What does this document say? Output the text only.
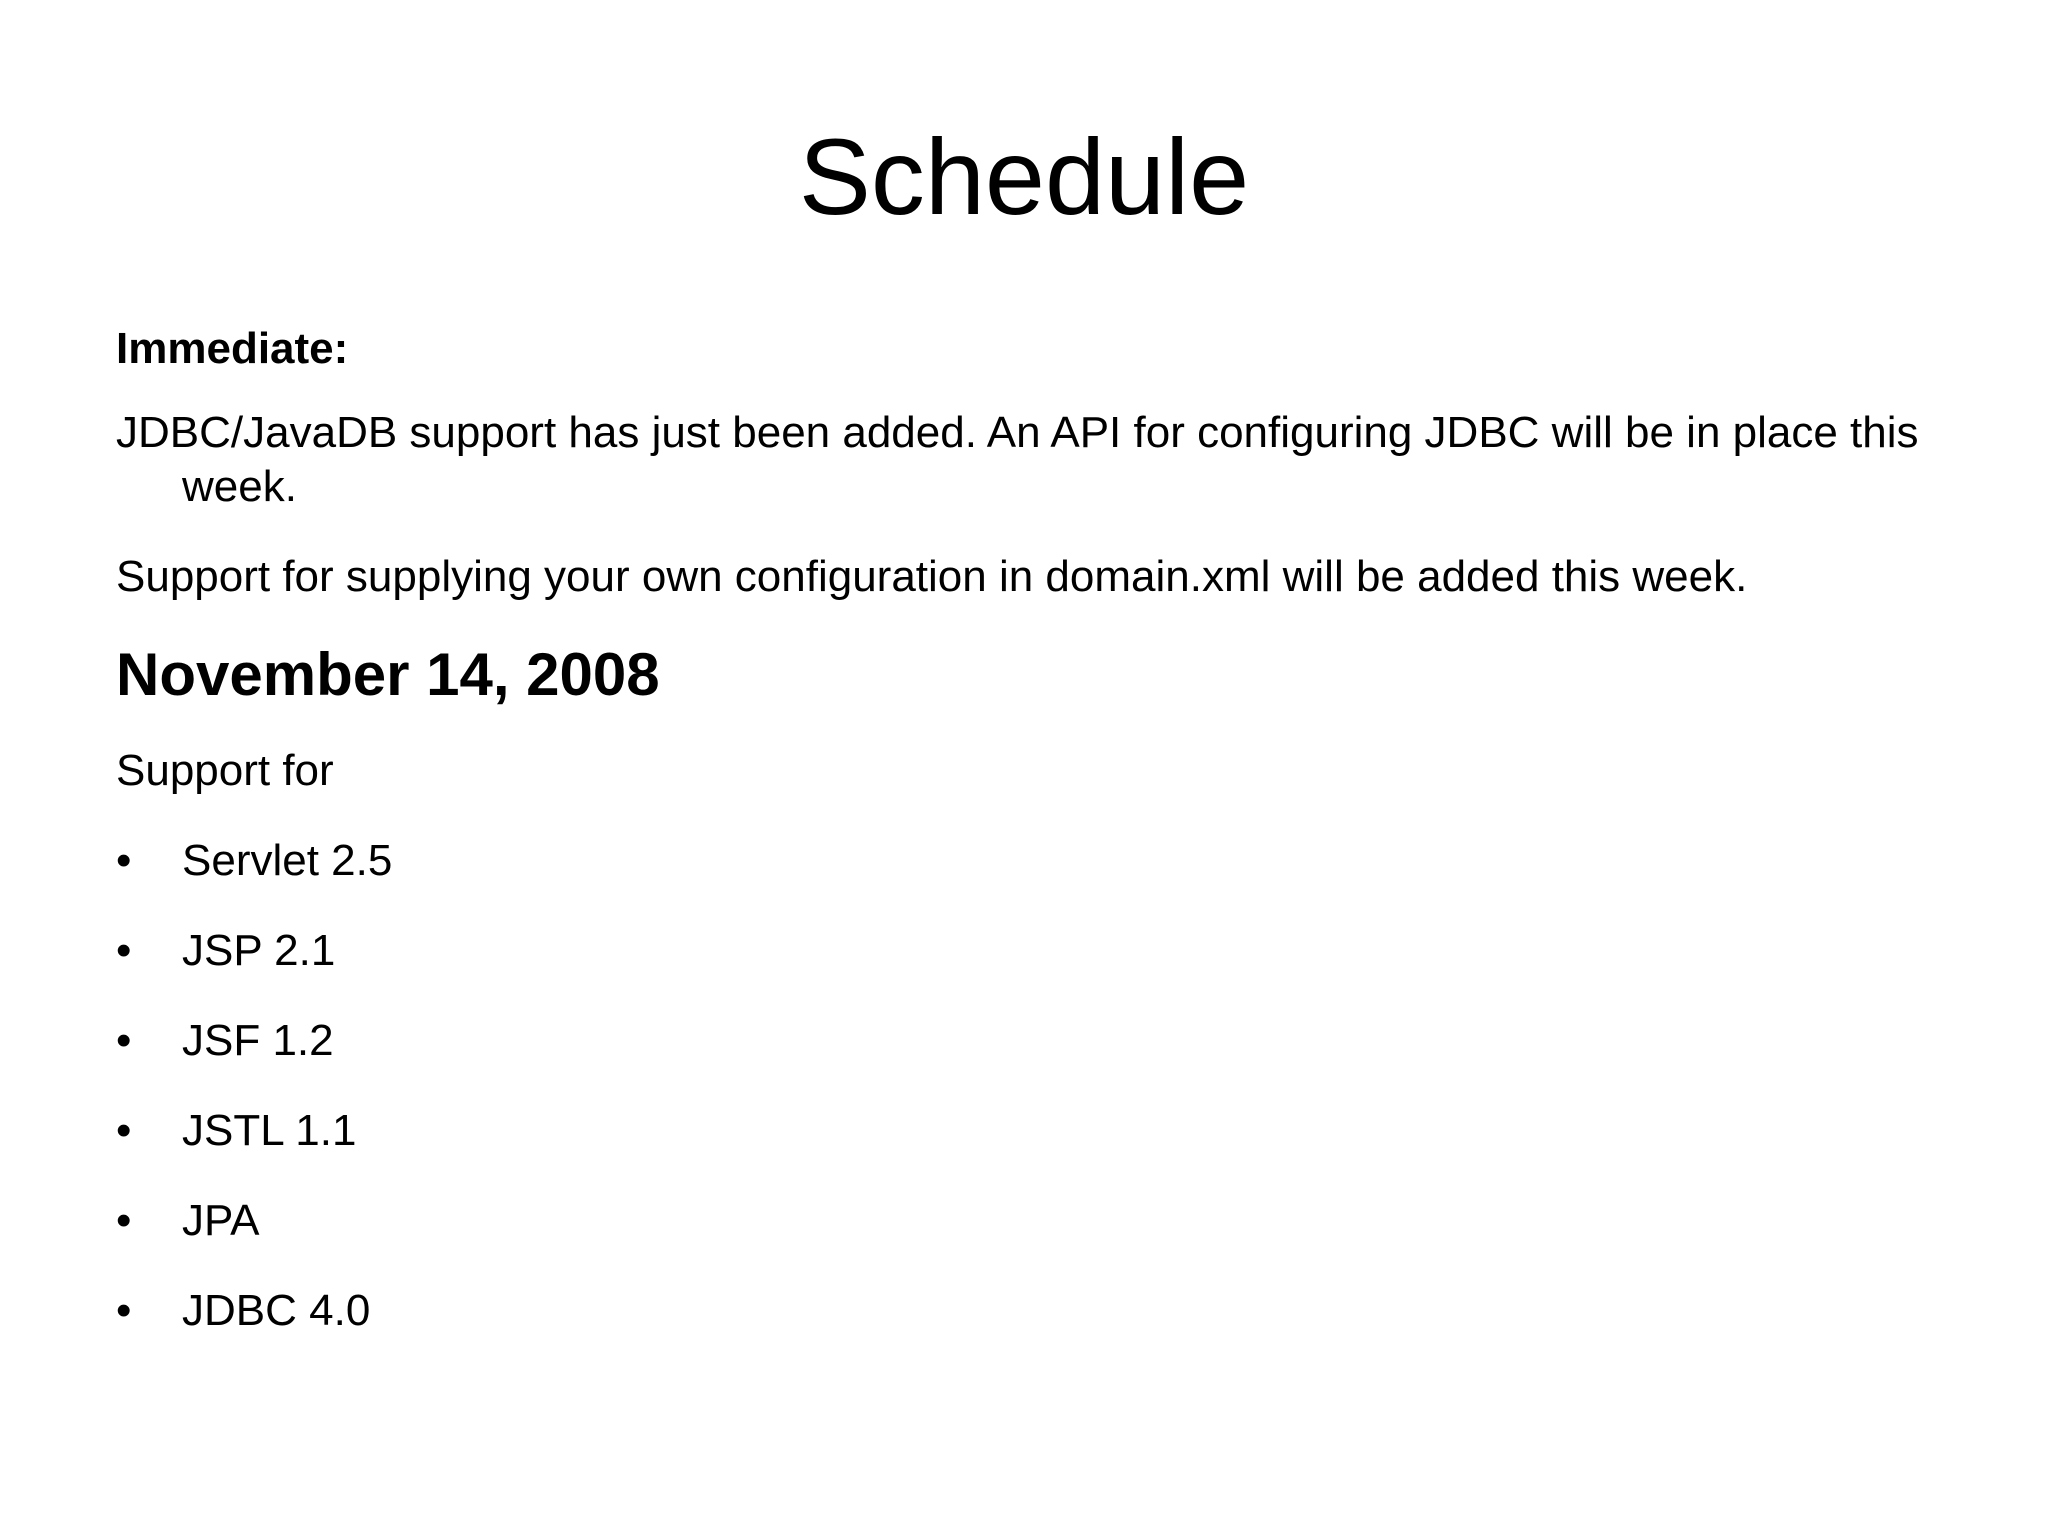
Schedule
Immediate:
JDBC/JavaDB support has just been added. An API for configuring JDBC will be in place this week.
Support for supplying your own configuration in domain.xml will be added this week.
November 14, 2008
Support for
• Servlet 2.5
• JSP 2.1
• JSF 1.2
• JSTL 1.1
• JPA
• JDBC 4.0
